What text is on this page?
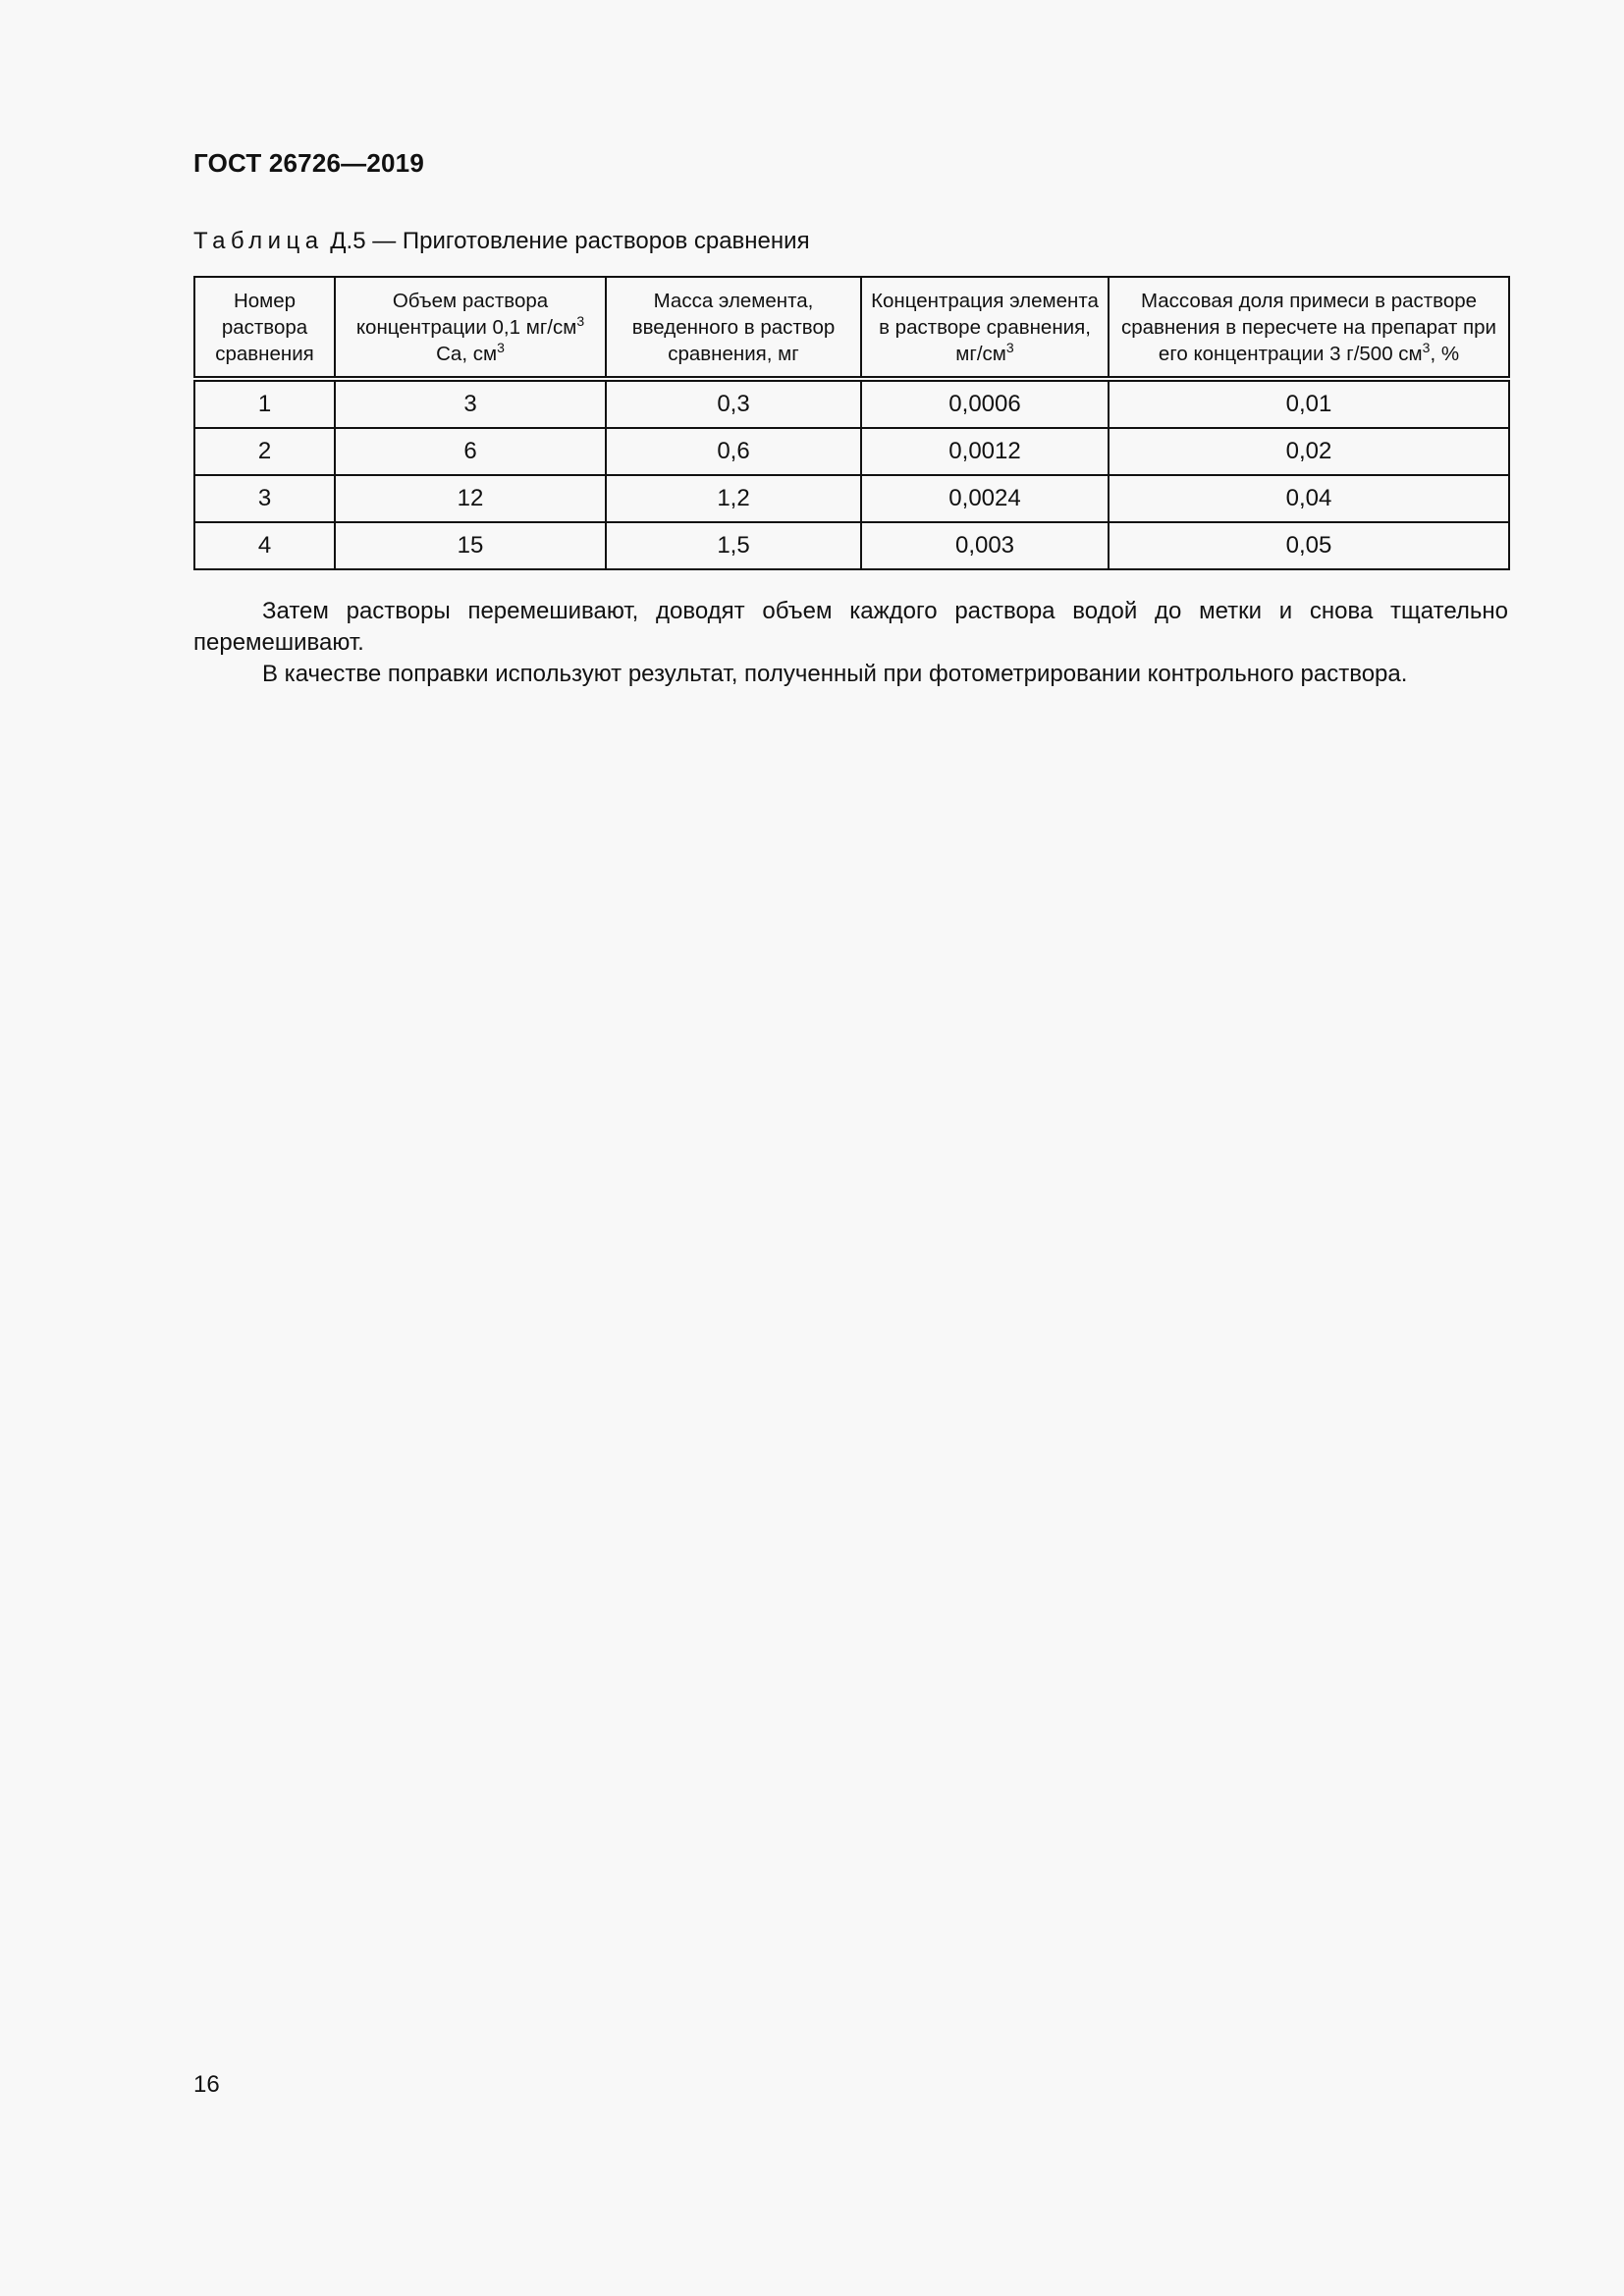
ГОСТ 26726—2019
Таблица Д.5 — Приготовление растворов сравнения
Номер раствора сравнения	Объем раствора концентрации 0,1 $мг/см^3$ Ca, $см^3$	Масса элемента, введенного в раствор сравнения, мг	Концентрация элемента в растворе сравнения, $мг/см^3$	Массовая доля примеси в растворе сравнения в пересчете на препарат при его концентрации 3 г/500 $см^3$, %
1	3	0,3	0,0006	0,01
2	6	0,6	0,0012	0,02
3	12	1,2	0,0024	0,04
4	15	1,5	0,003	0,05

Затем растворы перемешивают, доводят объем каждого раствора водой до метки и снова тщательно перемешивают.

В качестве поправки используют результат, полученный при фотометрировании контрольного раствора.

16
